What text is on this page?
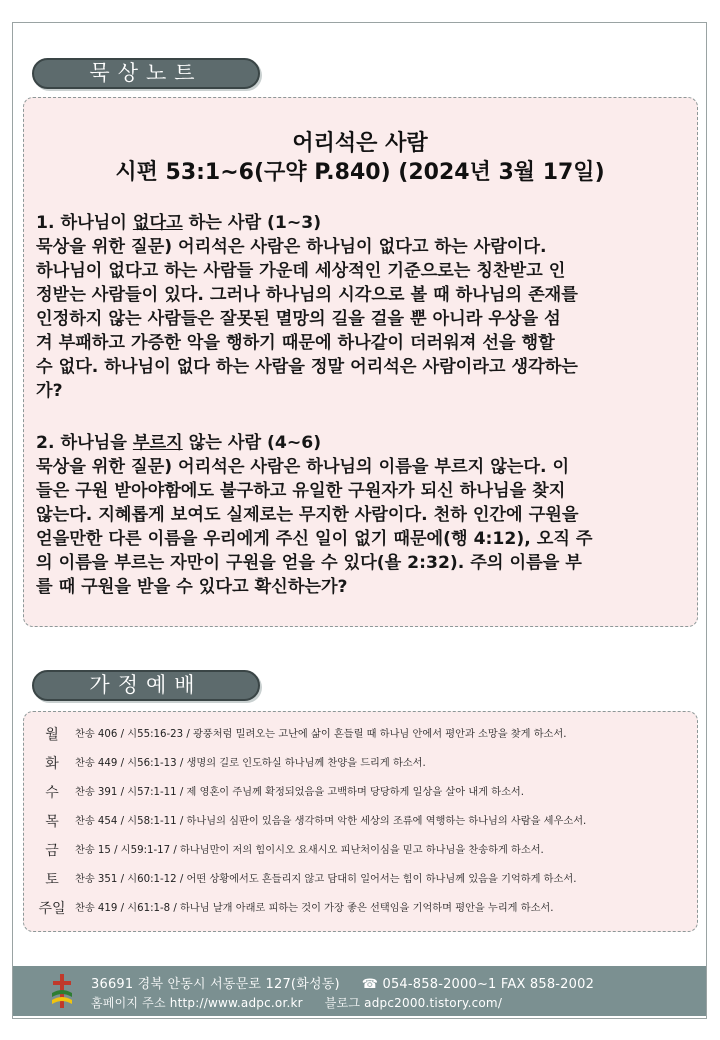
묵상노트
어리석은 사람
시편 53:1~6(구약 P.840) (2024년 3월 17일)

1. 하나님이 없다고 하는 사람 (1~3)

묵상을 위한 질문) 어리석은 사람은 하나님이 없다고 하는 사람이다.

하나님이 없다고 하는 사람들 가운데 세상적인 기준으로는 칭찬받고 인

정받는 사람들이 있다. 그러나 하나님의 시각으로 볼 때 하나님의 존재를

인정하지 않는 사람들은 잘못된 멸망의 길을 걸을 뿐 아니라 우상을 섬

겨 부패하고 가증한 악을 행하기 때문에 하나같이 더러워져 선을 행할

수 없다. 하나님이 없다 하는 사람을 정말 어리석은 사람이라고 생각하는

가?

2. 하나님을 부르지 않는 사람 (4~6)

묵상을 위한 질문) 어리석은 사람은 하나님의 이름을 부르지 않는다. 이

들은 구원 받아야함에도 불구하고 유일한 구원자가 되신 하나님을 찾지

않는다. 지혜롭게 보여도 실제로는 무지한 사람이다. 천하 인간에 구원을

얻을만한 다른 이름을 우리에게 주신 일이 없기 때문에(행 4:12), 오직 주

의 이름을 부르는 자만이 구원을 얻을 수 있다(욜 2:32). 주의 이름을 부

를 때 구원을 받을 수 있다고 확신하는가?

가정예배
월	찬송 406 / 시55:16-23 / 광풍처럼 밀려오는 고난에 삶이 흔들릴 때 하나님 안에서 평안과 소망을 찾게 하소서.
화	찬송 449 / 시56:1-13 / 생명의 길로 인도하실 하나님께 찬양을 드리게 하소서.
수	찬송 391 / 시57:1-11 / 제 영혼이 주님께 확정되었음을 고백하며 당당하게 일상을 살아 내게 하소서.
목	찬송 454 / 시58:1-11 / 하나님의 심판이 있음을 생각하며 악한 세상의 조류에 역행하는 하나님의 사람을 세우소서.
금	찬송 15 / 시59:1-17 / 하나님만이 저의 힘이시오 요새시오 피난처이심을 믿고 하나님을 찬송하게 하소서.
토	찬송 351 / 시60:1-12 / 어떤 상황에서도 흔들리지 않고 담대히 일어서는 힘이 하나님께 있음을 기억하게 하소서.
주일 찬송 419 / 시61:1-8 / 하나님 날개 아래로 피하는 것이 가장 좋은 선택임을 기억하며 평안을 누리게 하소서.
36691 경북 안동시 서동문로 127(화성동) ☎ 054-858-2000~1 FAX 858-2002
홈페이지 주소 http://www.adpc.or.kr 블로그 adpc2000.tistory.com/
